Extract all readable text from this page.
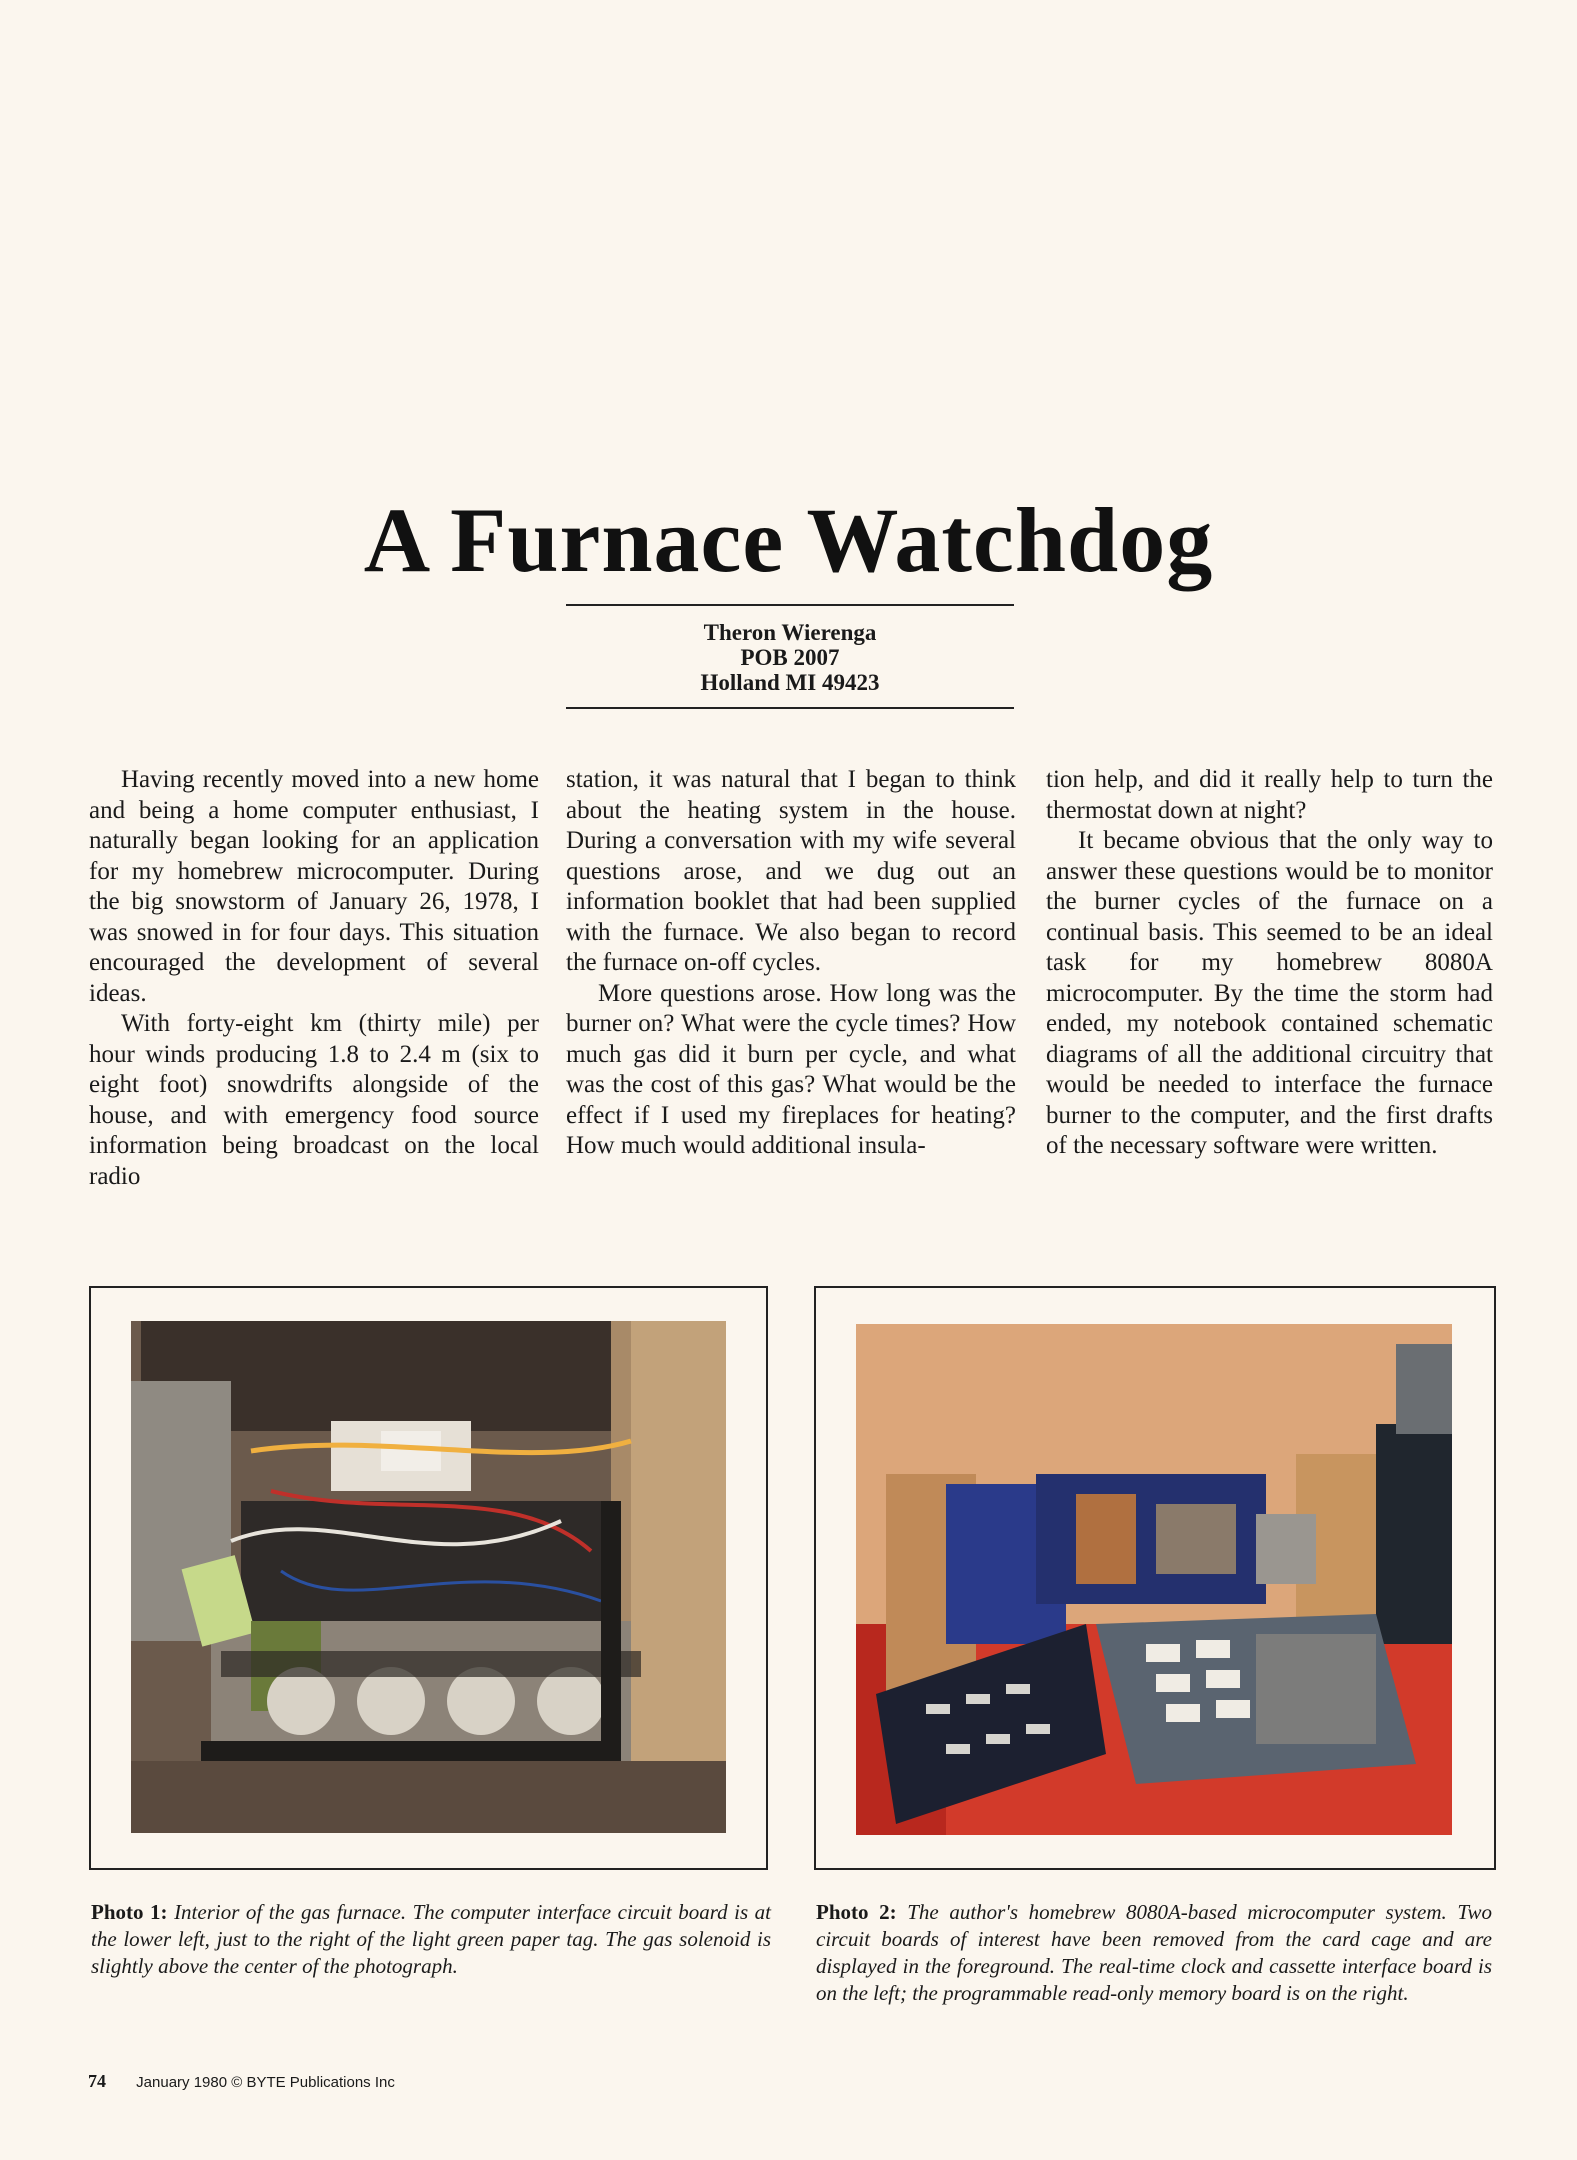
A Furnace Watchdog
Theron Wierenga
POB 2007
Holland MI 49423

Having recently moved into a new home and being a home computer enthusiast, I naturally began looking for an application for my homebrew microcomputer. During the big snowstorm of January 26, 1978, I was snowed in for four days. This situation encouraged the development of several ideas.

With forty-eight km (thirty mile) per hour winds producing 1.8 to 2.4 m (six to eight foot) snowdrifts alongside of the house, and with emergency food source information being broadcast on the local radio

station, it was natural that I began to think about the heating system in the house. During a conversation with my wife several questions arose, and we dug out an information booklet that had been supplied with the furnace. We also began to record the furnace on-off cycles.

More questions arose. How long was the burner on? What were the cycle times? How much gas did it burn per cycle, and what was the cost of this gas? What would be the effect if I used my fireplaces for heating? How much would additional insula-

tion help, and did it really help to turn the thermostat down at night?

It became obvious that the only way to answer these questions would be to monitor the burner cycles of the furnace on a continual basis. This seemed to be an ideal task for my homebrew 8080A microcomputer. By the time the storm had ended, my notebook contained schematic diagrams of all the additional circuitry that would be needed to interface the furnace burner to the computer, and the first drafts of the necessary software were written.

Photo 1: Interior of the gas furnace. The computer interface circuit board is at the lower left, just to the right of the light green paper tag. The gas solenoid is slightly above the center of the photograph.
Photo 2: The author's homebrew 8080A-based microcomputer system. Two circuit boards of interest have been removed from the card cage and are displayed in the foreground. The real-time clock and cassette interface board is on the left; the programmable read-only memory board is on the right.
74 January 1980 © BYTE Publications Inc
